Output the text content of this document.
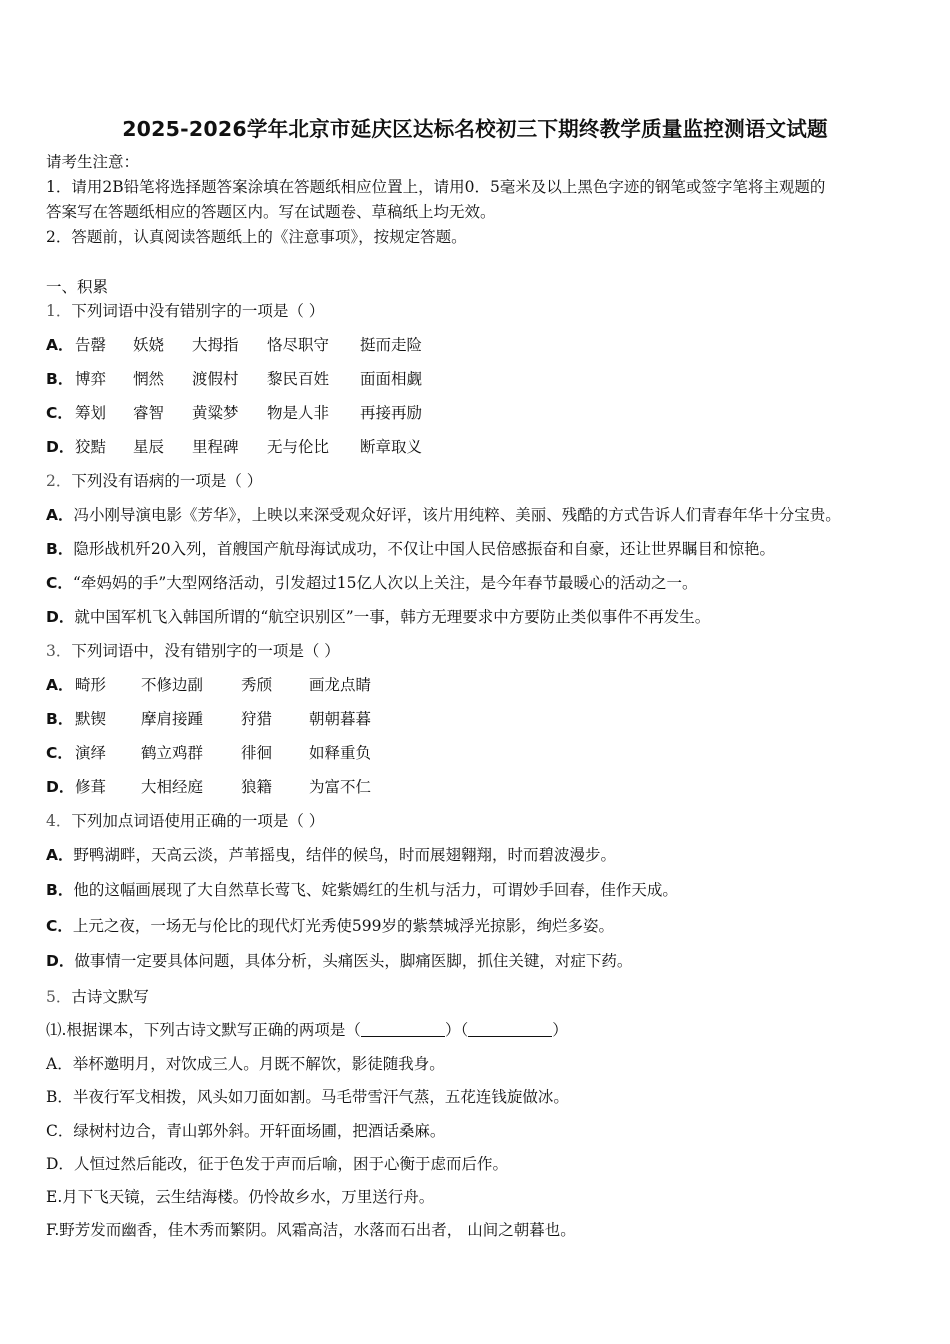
2025-2026学年北京市延庆区达标名校初三下期终教学质量监控测语文试题
请考生注意：
1．请用2B铅笔将选择题答案涂填在答题纸相应位置上，请用0．5毫米及以上黑色字迹的钢笔或签字笔将主观题的
答案写在答题纸相应的答题区内。写在试题卷、草稿纸上均无效。
2．答题前，认真阅读答题纸上的《注意事项》，按规定答题。
一、积累
1．下列词语中没有错别字的一项是（ ）
A． 告罄 妖娆 大拇指 恪尽职守 挺而走险
B． 博弈 惘然 渡假村 黎民百姓 面面相觑
C． 筹划 睿智 黄粱梦 物是人非 再接再励
D． 狡黠 星辰 里程碑 无与伦比 断章取义
2．下列没有语病的一项是（ ）
A．冯小刚导演电影《芳华》，上映以来深受观众好评，该片用纯粹、美丽、残酷的方式告诉人们青春年华十分宝贵。
B．隐形战机歼20入列，首艘国产航母海试成功，不仅让中国人民倍感振奋和自豪，还让世界瞩目和惊艳。
C．“牵妈妈的手”大型网络活动，引发超过15亿人次以上关注，是今年春节最暖心的活动之一。
D．就中国军机飞入韩国所谓的“航空识别区”一事，韩方无理要求中方要防止类似事件不再发生。
3．下列词语中，没有错别字的一项是（ ）
A． 畸形 不修边副 秀颀 画龙点睛
B． 默锲 摩肩接踵 狩猎 朝朝暮暮
C． 演绎 鹤立鸡群 徘徊 如释重负
D． 修葺 大相经庭 狼籍 为富不仁
4．下列加点词语使用正确的一项是（ ）
A．野鸭湖畔，天高云淡，芦苇摇曳，结伴的候鸟，时而展翅翱翔，时而碧波漫步。
B．他的这幅画展现了大自然草长莺飞、姹紫嫣红的生机与活力，可谓妙手回春，佳作天成。
C．上元之夜，一场无与伦比的现代灯光秀使599岁的紫禁城浮光掠影，绚烂多姿。
D．做事情一定要具体问题，具体分析，头痛医头，脚痛医脚，抓住关键，对症下药。
5．古诗文默写
⑴.根据课本，下列古诗文默写正确的两项是（	）（	）
A．举杯邀明月，对饮成三人。月既不解饮，影徒随我身。
B．半夜行军戈相拨，风头如刀面如割。马毛带雪汗气蒸，五花连钱旋做冰。
C．绿树村边合，青山郭外斜。开轩面场圃，把酒话桑麻。
D．人恒过然后能改，征于色发于声而后喻，困于心衡于虑而后作。
E.月下飞天镜，云生结海楼。仍怜故乡水，万里送行舟。
F.野芳发而幽香，佳木秀而繁阴。风霜高洁，水落而石出者， 山间之朝暮也。
